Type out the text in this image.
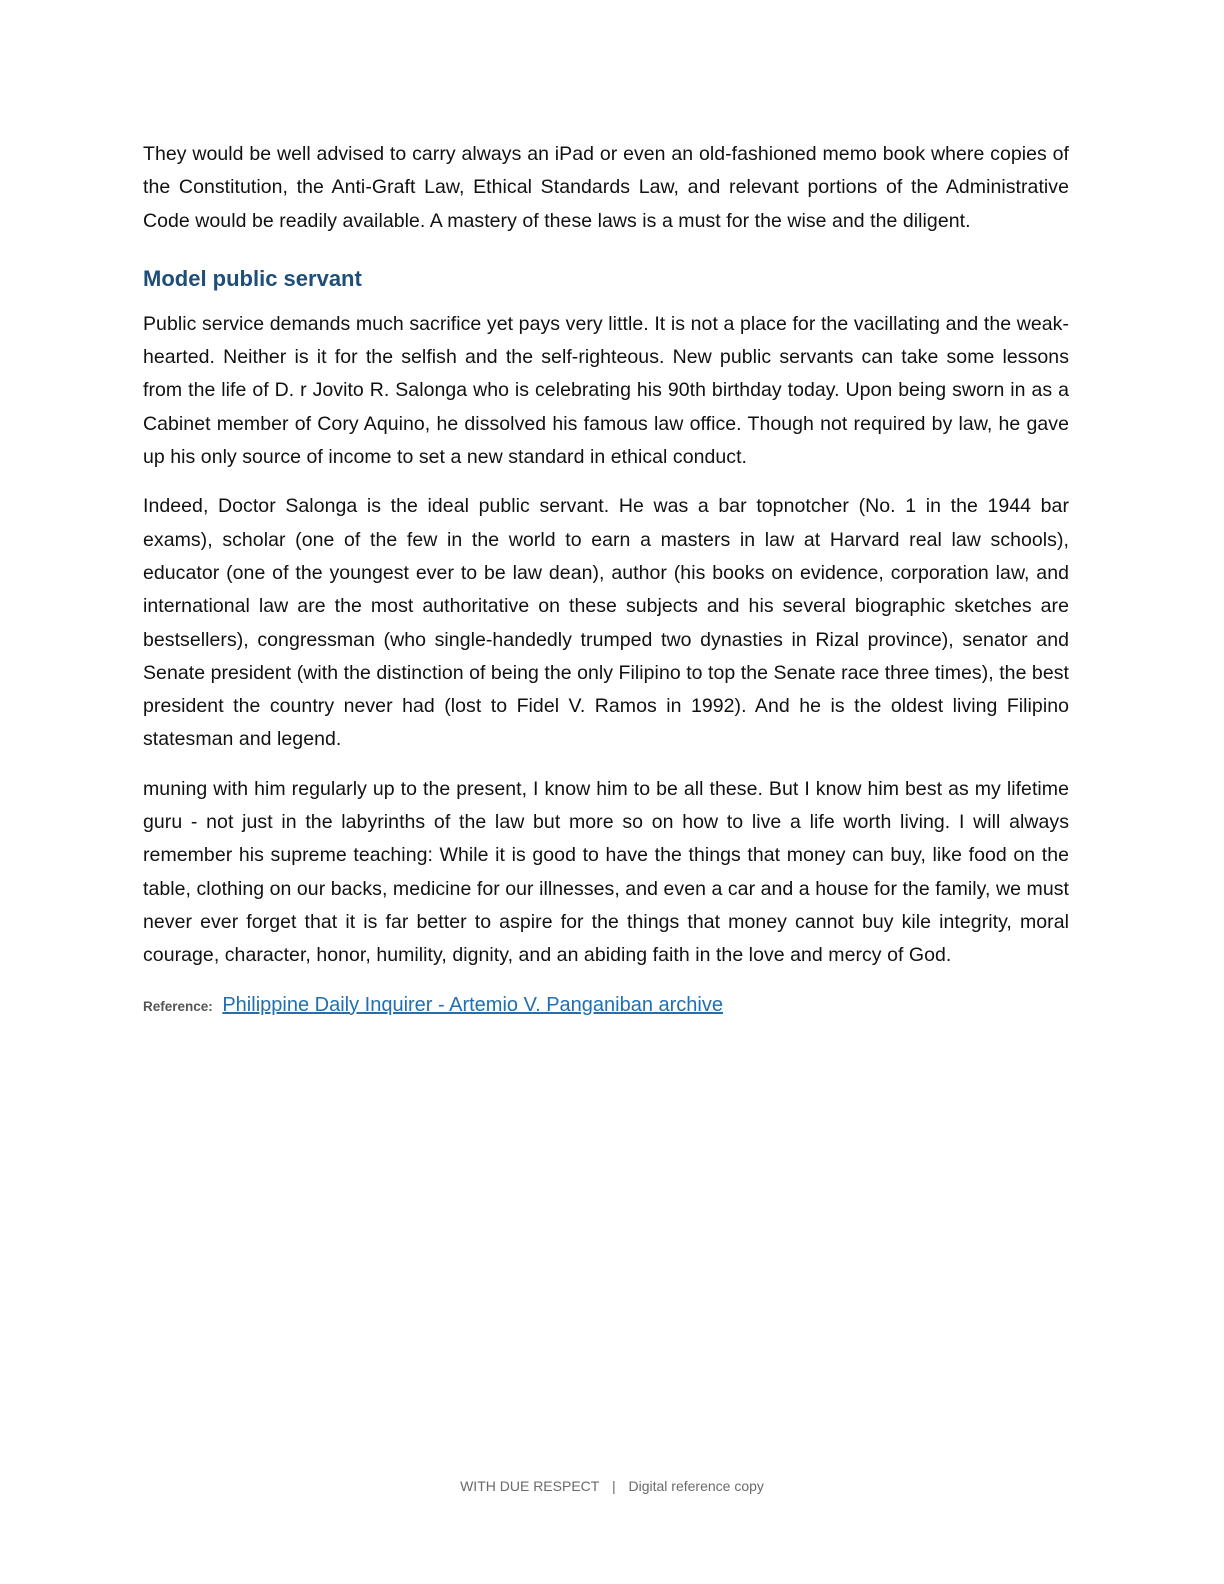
They would be well advised to carry always an iPad or even an old-fashioned memo book where copies of the Constitution, the Anti-Graft Law, Ethical Standards Law, and relevant portions of the Administrative Code would be readily available. A mastery of these laws is a must for the wise and the diligent.

Model public servant

Public service demands much sacrifice yet pays very little. It is not a place for the vacillating and the weak-hearted. Neither is it for the selfish and the self-righteous. New public servants can take some lessons from the life of D. r Jovito R. Salonga who is celebrating his 90th birthday today. Upon being sworn in as a Cabinet member of Cory Aquino, he dissolved his famous law office. Though not required by law, he gave up his only source of income to set a new standard in ethical conduct.

Indeed, Doctor Salonga is the ideal public servant. He was a bar topnotcher (No. 1 in the 1944 bar exams), scholar (one of the few in the world to earn a masters in law at Harvard real law schools), educator (one of the youngest ever to be law dean), author (his books on evidence, corporation law, and international law are the most authoritative on these subjects and his several biographic sketches are bestsellers), congressman (who single-handedly trumped two dynasties in Rizal province), senator and Senate president (with the distinction of being the only Filipino to top the Senate race three times), the best president the country never had (lost to Fidel V. Ramos in 1992). And he is the oldest living Filipino statesman and legend.

muning with him regularly up to the present, I know him to be all these. But I know him best as my lifetime guru - not just in the labyrinths of the law but more so on how to live a life worth living. I will always remember his supreme teaching: While it is good to have the things that money can buy, like food on the table, clothing on our backs, medicine for our illnesses, and even a car and a house for the family, we must never ever forget that it is far better to aspire for the things that money cannot buy kile integrity, moral courage, character, honor, humility, dignity, and an abiding faith in the love and mercy of God.

Reference: Philippine Daily Inquirer - Artemio V. Panganiban archive
WITH DUE RESPECT | Digital reference copy
